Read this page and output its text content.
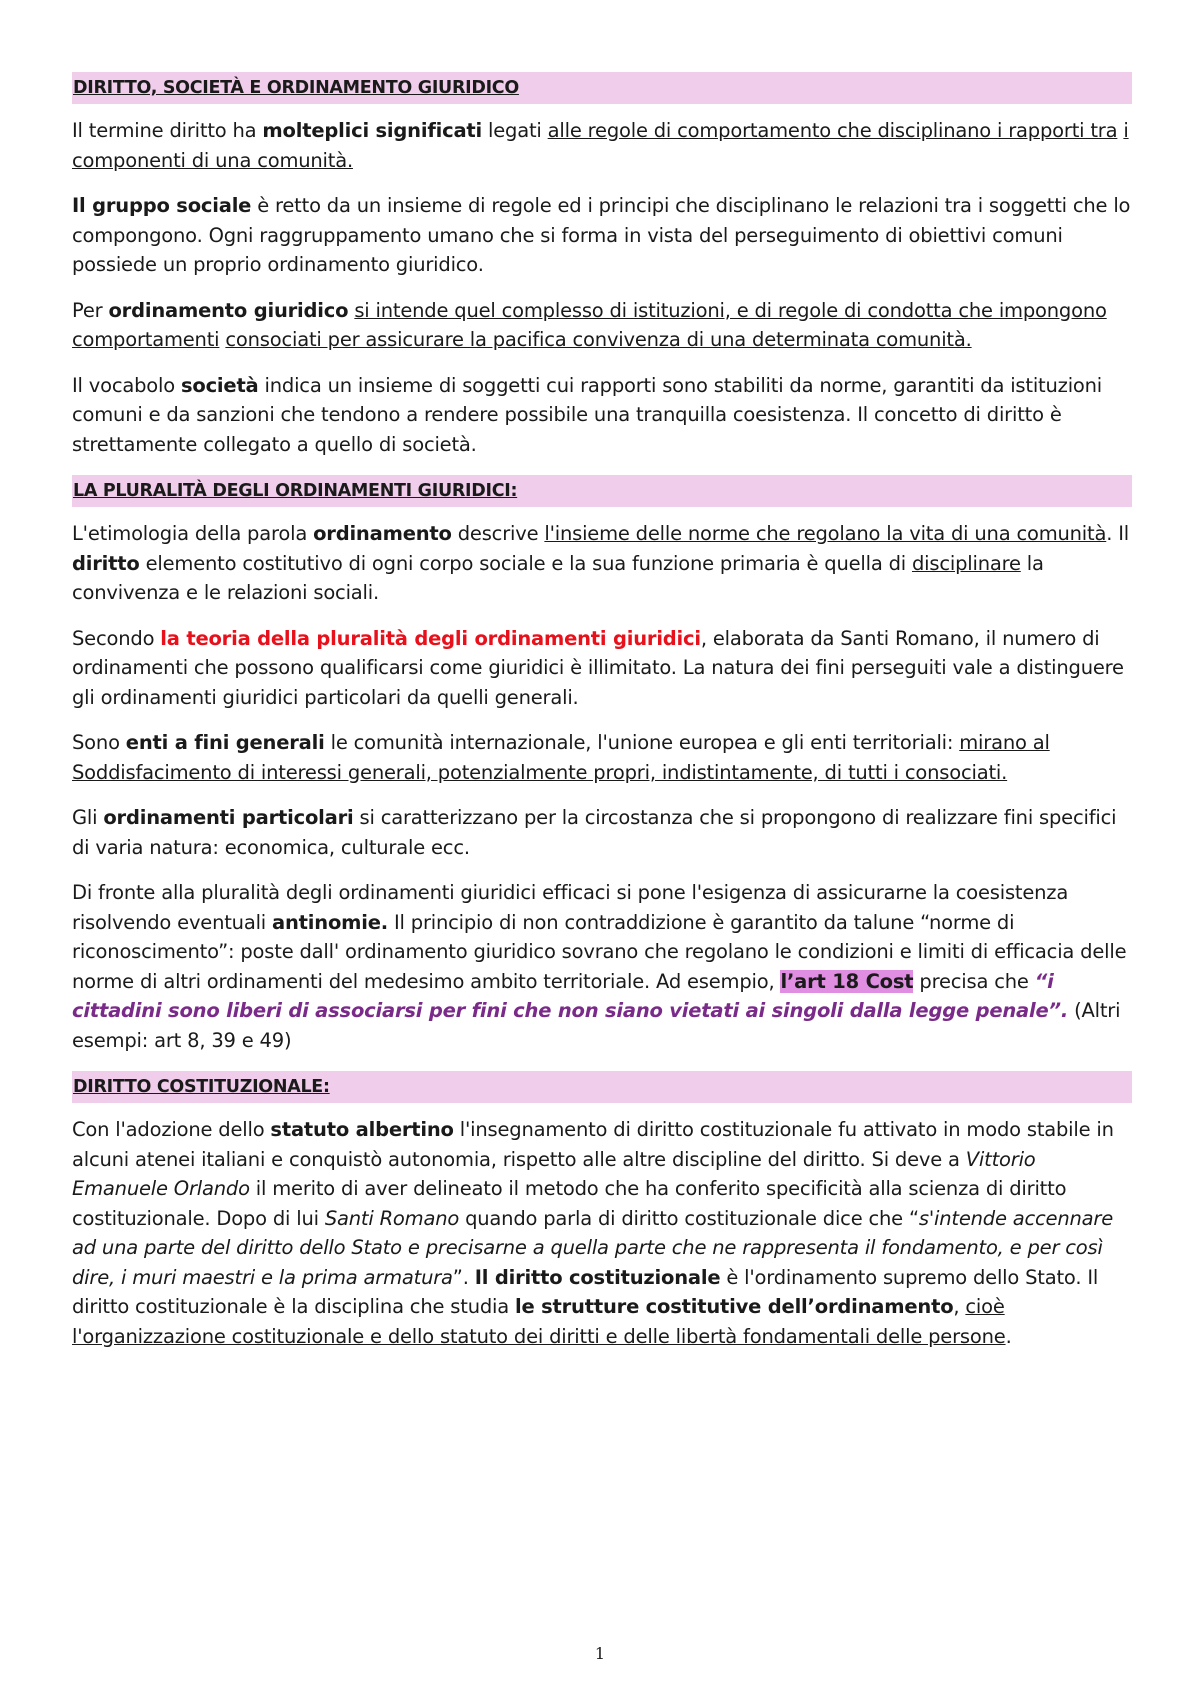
DIRITTO, SOCIETÀ E ORDINAMENTO GIURIDICO

Il termine diritto ha molteplici significati legati alle regole di comportamento che disciplinano i rapporti tra i componenti di una comunità.

Il gruppo sociale è retto da un insieme di regole ed i principi che disciplinano le relazioni tra i soggetti che lo compongono. Ogni raggruppamento umano che si forma in vista del perseguimento di obiettivi comuni possiede un proprio ordinamento giuridico.

Per ordinamento giuridico si intende quel complesso di istituzioni, e di regole di condotta che impongono comportamenti consociati per assicurare la pacifica convivenza di una determinata comunità.

Il vocabolo società indica un insieme di soggetti cui rapporti sono stabiliti da norme, garantiti da istituzioni comuni e da sanzioni che tendono a rendere possibile una tranquilla coesistenza. Il concetto di diritto è strettamente collegato a quello di società.

LA PLURALITÀ DEGLI ORDINAMENTI GIURIDICI:

L'etimologia della parola ordinamento descrive l'insieme delle norme che regolano la vita di una comunità. Il diritto elemento costitutivo di ogni corpo sociale e la sua funzione primaria è quella di disciplinare la convivenza e le relazioni sociali.

Secondo la teoria della pluralità degli ordinamenti giuridici, elaborata da Santi Romano, il numero di ordinamenti che possono qualificarsi come giuridici è illimitato. La natura dei fini perseguiti vale a distinguere gli ordinamenti giuridici particolari da quelli generali.

Sono enti a fini generali le comunità internazionale, l'unione europea e gli enti territoriali: mirano al Soddisfacimento di interessi generali, potenzialmente propri, indistintamente, di tutti i consociati.

Gli ordinamenti particolari si caratterizzano per la circostanza che si propongono di realizzare fini specifici di varia natura: economica, culturale ecc.

Di fronte alla pluralità degli ordinamenti giuridici efficaci si pone l'esigenza di assicurarne la coesistenza risolvendo eventuali antinomie. Il principio di non contraddizione è garantito da talune “norme di riconoscimento”: poste dall' ordinamento giuridico sovrano che regolano le condizioni e limiti di efficacia delle norme di altri ordinamenti del medesimo ambito territoriale. Ad esempio, l’art 18 Cost precisa che “i cittadini sono liberi di associarsi per fini che non siano vietati ai singoli dalla legge penale”. (Altri esempi: art 8, 39 e 49)

DIRITTO COSTITUZIONALE:

Con l'adozione dello statuto albertino l'insegnamento di diritto costituzionale fu attivato in modo stabile in alcuni atenei italiani e conquistò autonomia, rispetto alle altre discipline del diritto. Si deve a Vittorio Emanuele Orlando il merito di aver delineato il metodo che ha conferito specificità alla scienza di diritto costituzionale. Dopo di lui Santi Romano quando parla di diritto costituzionale dice che “s'intende accennare ad una parte del diritto dello Stato e precisarne a quella parte che ne rappresenta il fondamento, e per così dire, i muri maestri e la prima armatura”. Il diritto costituzionale è l'ordinamento supremo dello Stato. Il diritto costituzionale è la disciplina che studia le strutture costitutive dell’ordinamento, cioè l'organizzazione costituzionale e dello statuto dei diritti e delle libertà fondamentali delle persone.

1
